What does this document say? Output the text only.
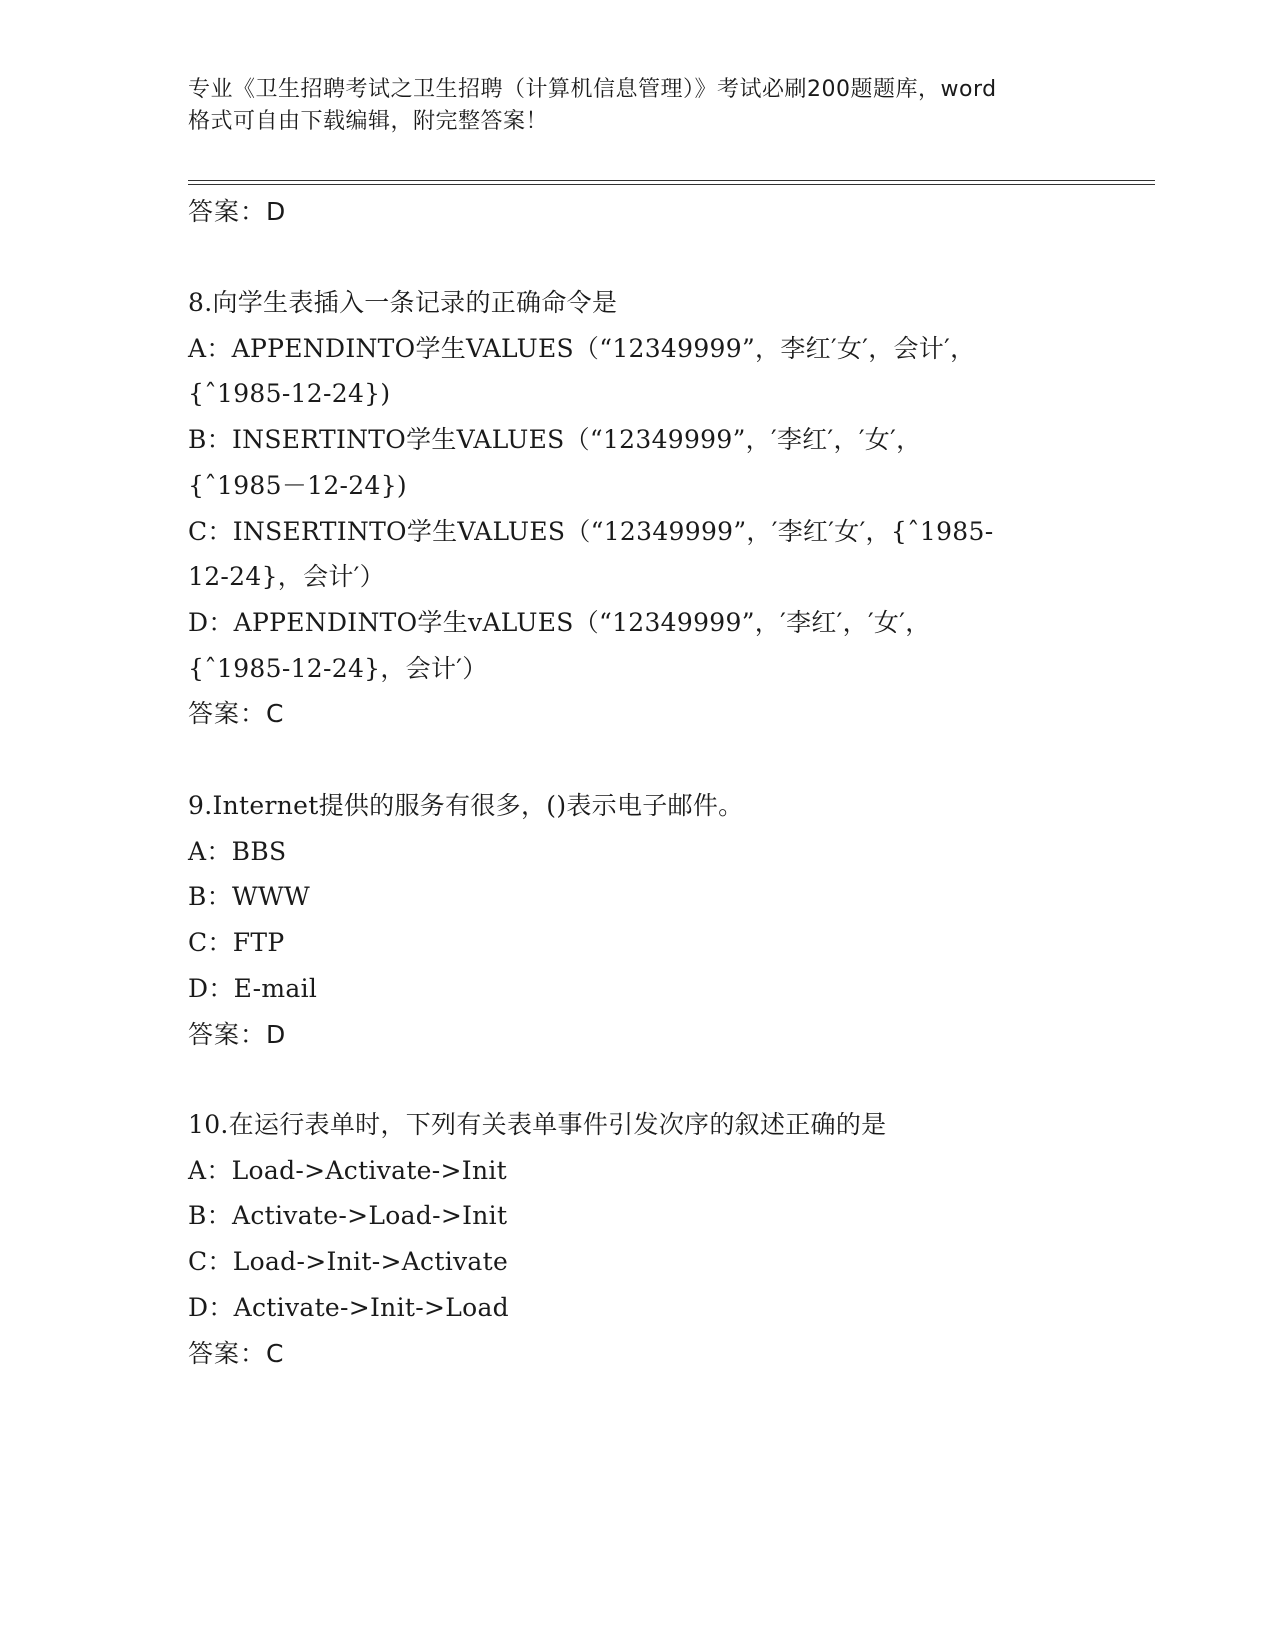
专业《卫生招聘考试之卫生招聘（计算机信息管理）》考试必刷200题题库，word
格式可自由下载编辑，附完整答案！
答案：D
8.向学生表插入一条记录的正确命令是
A：APPENDINTO学生VALUES（“12349999”，李红′女′，会计′，
{ˆ1985-12-24})
B：INSERTINTO学生VALUES（“12349999”，′李红′，′女′，
{ˆ1985－12-24})
C：INSERTINTO学生VALUES（“12349999”，′李红′女′，{ˆ1985-
12-24}，会计′）
D：APPENDINTO学生vALUES（“12349999”，′李红′，′女′，
{ˆ1985-12-24}，会计′）
答案：C
9.Internet提供的服务有很多，()表示电子邮件。
A：BBS
B：WWW
C：FTP
D：E-mail
答案：D
10.在运行表单时，下列有关表单事件引发次序的叙述正确的是
A：Load->Activate->Init
B：Activate->Load->Init
C：Load->Init->Activate
D：Activate->Init->Load
答案：C
